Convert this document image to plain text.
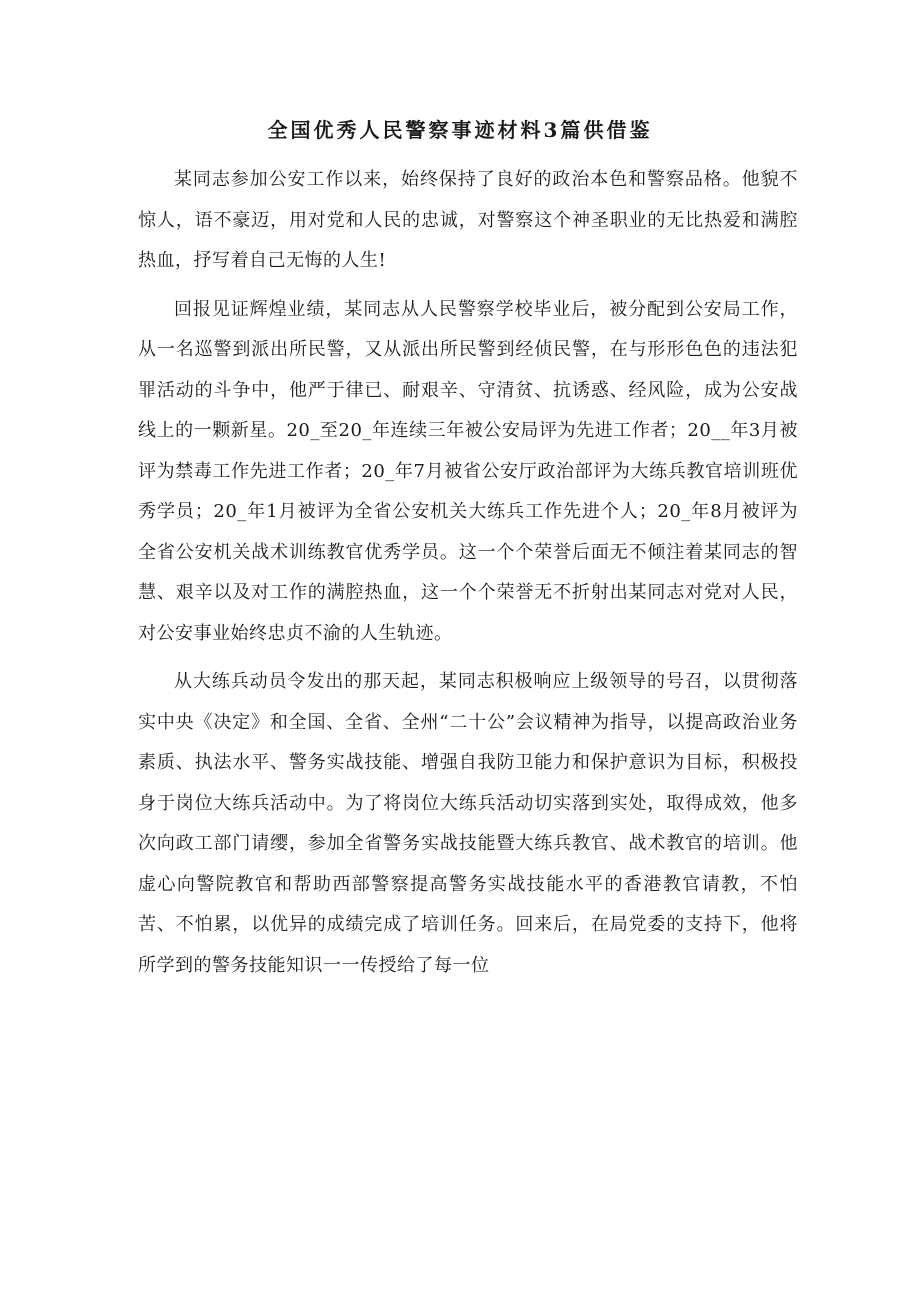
全国优秀人民警察事迹材料3篇供借鉴

某同志参加公安工作以来，始终保持了良好的政治本色和警察品格。他貌不惊人，语不豪迈，用对党和人民的忠诚，对警察这个神圣职业的无比热爱和满腔热血，抒写着自己无悔的人生!

回报见证辉煌业绩，某同志从人民警察学校毕业后，被分配到公安局工作，从一名巡警到派出所民警，又从派出所民警到经侦民警，在与形形色色的违法犯罪活动的斗争中，他严于律已、耐艰辛、守清贫、抗诱惑、经风险，成为公安战线上的一颗新星。20_至20_年连续三年被公安局评为先进工作者；20__年3月被评为禁毒工作先进工作者；20_年7月被省公安厅政治部评为大练兵教官培训班优秀学员；20_年1月被评为全省公安机关大练兵工作先进个人；20_年8月被评为全省公安机关战术训练教官优秀学员。这一个个荣誉后面无不倾注着某同志的智慧、艰辛以及对工作的满腔热血，这一个个荣誉无不折射出某同志对党对人民，对公安事业始终忠贞不渝的人生轨迹。

从大练兵动员令发出的那天起，某同志积极响应上级领导的号召，以贯彻落实中央《决定》和全国、全省、全州“二十公”会议精神为指导，以提高政治业务素质、执法水平、警务实战技能、增强自我防卫能力和保护意识为目标，积极投身于岗位大练兵活动中。为了将岗位大练兵活动切实落到实处，取得成效，他多次向政工部门请缨，参加全省警务实战技能暨大练兵教官、战术教官的培训。他虚心向警院教官和帮助西部警察提高警务实战技能水平的香港教官请教，不怕苦、不怕累，以优异的成绩完成了培训任务。回来后，在局党委的支持下，他将所学到的警务技能知识一一传授给了每一位
